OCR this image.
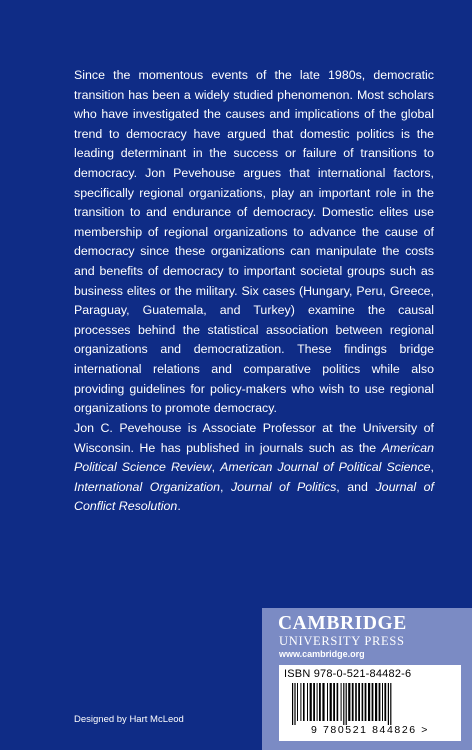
Since the momentous events of the late 1980s, democratic transition has been a widely studied phenomenon. Most scholars who have investigated the causes and implications of the global trend to democracy have argued that domestic politics is the leading determinant in the success or failure of transitions to democracy. Jon Pevehouse argues that international factors, specifically regional organizations, play an important role in the transition to and endurance of democracy. Domestic elites use membership of regional organizations to advance the cause of democracy since these organizations can manipulate the costs and benefits of democracy to important societal groups such as business elites or the military. Six cases (Hungary, Peru, Greece, Paraguay, Guatemala, and Turkey) examine the causal processes behind the statistical association between regional organizations and democratization. These findings bridge international relations and comparative politics while also providing guidelines for policy-makers who wish to use regional organizations to promote democracy.

Jon C. Pevehouse is Associate Professor at the University of Wisconsin. He has published in journals such as the American Political Science Review, American Journal of Political Science, International Organization, Journal of Politics, and Journal of Conflict Resolution.

Designed by Hart McLeod
CAMBRIDGE
UNIVERSITY PRESS
www.cambridge.org
ISBN 978-0-521-84482-6
9 780521 844826 >
